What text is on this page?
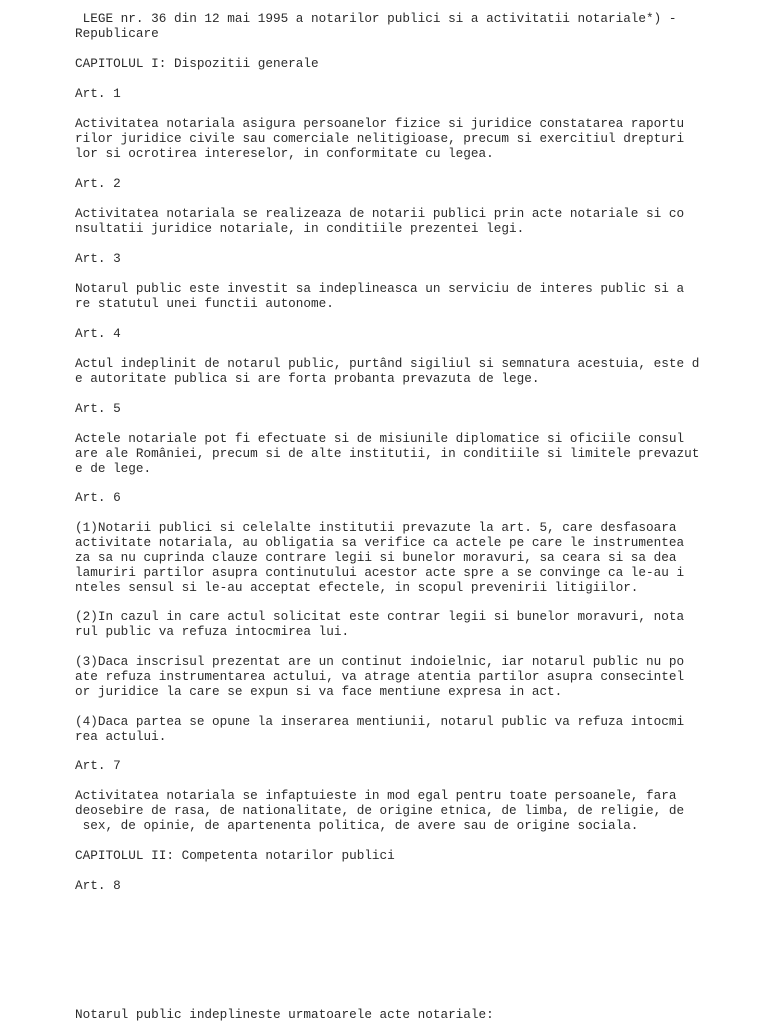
LEGE nr. 36 din 12 mai 1995 a notarilor publici si a activitatii notariale*) -

Republicare

CAPITOLUL I: Dispozitii generale

Art. 1

Activitatea notariala asigura persoanelor fizice si juridice constatarea raportu

rilor juridice civile sau comerciale nelitigioase, precum si exercitiul drepturi

lor si ocrotirea intereselor, in conformitate cu legea.

Art. 2

Activitatea notariala se realizeaza de notarii publici prin acte notariale si co

nsultatii juridice notariale, in conditiile prezentei legi.

Art. 3

Notarul public este investit sa indeplineasca un serviciu de interes public si a

re statutul unei functii autonome.

Art. 4

Actul indeplinit de notarul public, purtând sigiliul si semnatura acestuia, este d

e autoritate publica si are forta probanta prevazuta de lege.

Art. 5

Actele notariale pot fi efectuate si de misiunile diplomatice si oficiile consul

are ale României, precum si de alte institutii, in conditiile si limitele prevazut

e de lege.

Art. 6

(1)Notarii publici si celelalte institutii prevazute la art. 5, care desfasoara

activitate notariala, au obligatia sa verifice ca actele pe care le instrumentea

za sa nu cuprinda clauze contrare legii si bunelor moravuri, sa ceara si sa dea

lamuriri partilor asupra continutului acestor acte spre a se convinge ca le-au i

nteles sensul si le-au acceptat efectele, in scopul prevenirii litigiilor.

(2)In cazul in care actul solicitat este contrar legii si bunelor moravuri, nota

rul public va refuza intocmirea lui.

(3)Daca inscrisul prezentat are un continut indoielnic, iar notarul public nu po

ate refuza instrumentarea actului, va atrage atentia partilor asupra consecintel

or juridice la care se expun si va face mentiune expresa in act.

(4)Daca partea se opune la inserarea mentiunii, notarul public va refuza intocmi

rea actului.

Art. 7

Activitatea notariala se infaptuieste in mod egal pentru toate persoanele, fara

deosebire de rasa, de nationalitate, de origine etnica, de limba, de religie, de

sex, de opinie, de apartenenta politica, de avere sau de origine sociala.

CAPITOLUL II: Competenta notarilor publici

Art. 8

Notarul public indeplineste urmatoarele acte notariale:
